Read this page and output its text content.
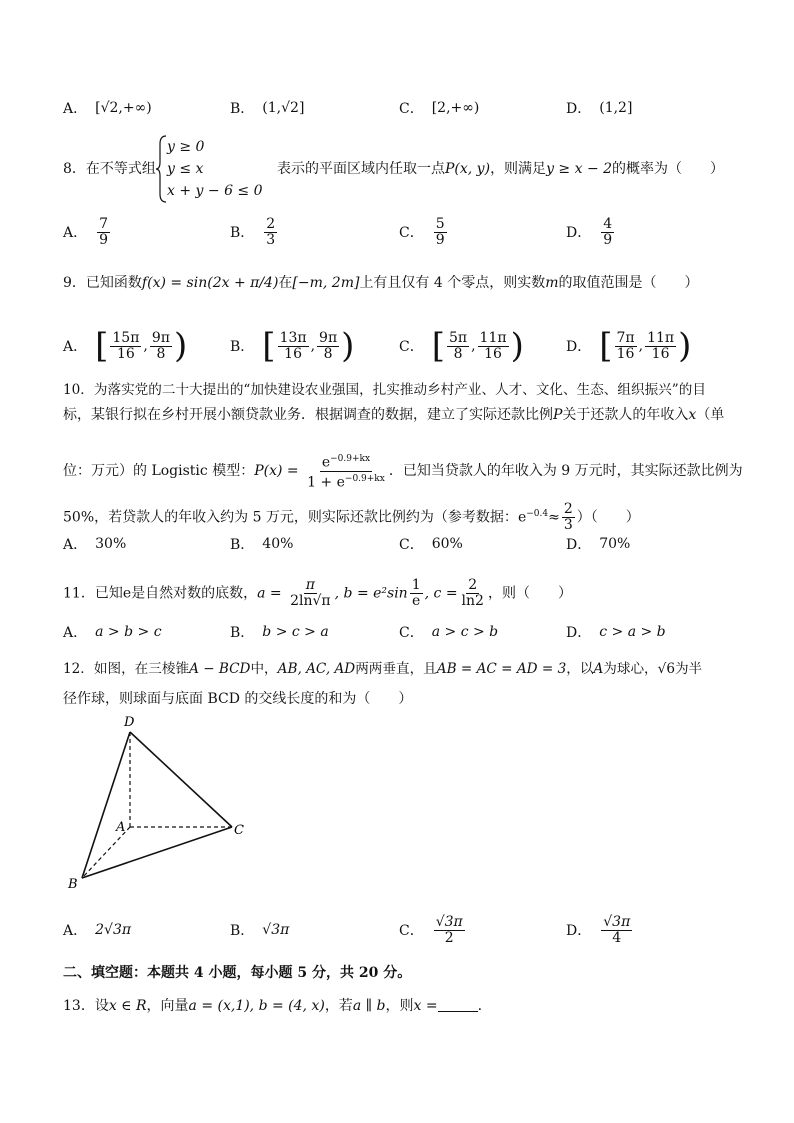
A． [√2,+∞)	B． (1,√2]	C． [2,+∞)	D． (1,2]
8．在不等式组
y ≥ 0
y ≤ x
x + y − 6 ≤ 0
表示的平面区域内任取一点P(x, y)，则满足y ≥ x − 2的概率为（　　）
A． $\frac{7}{9}$	B． $\frac{2}{3}$	C． $\frac{5}{9}$	D． $\frac{4}{9}$
9．已知函数f(x) = sin(2x + π/4)在[−m, 2m]上有且仅有 4 个零点，则实数m的取值范围是（　　）
A． [ $\frac{15\pi}{16}$ , $\frac{9\pi}{8}$ )	B． [ $\frac{13\pi}{16}$ , $\frac{9\pi}{8}$ )	C． [ $\frac{5\pi}{8}$ , $\frac{11\pi}{16}$ )	D． [ $\frac{7\pi}{16}$ , $\frac{11\pi}{16}$ )
10．为落实党的二十大提出的“加快建设农业强国，扎实推动乡村产业、人才、文化、生态、组织振兴”的目
标，某银行拟在乡村开展小额贷款业务．根据调查的数据，建立了实际还款比例P关于还款人的年收入x（单
位：万元）的 Logistic 模型：$P(x) = \frac{e^{-0.9+kx}}{1 + e^{-0.9+kx}}$ ．已知当贷款人的年收入为 9 万元时，其实际还款比例为
50%，若贷款人的年收入约为 5 万元，则实际还款比例约为（参考数据：$e^{-0.4}\approx \frac{2}{3}$ ）（　　）
A． 30%	B． 40%	C． 60%	D． 70%
11．已知e是自然对数的底数，$a = \frac{\pi}{2\ln√\pi}$ , $b = e^2\sin \frac{1}{e}$ , $c = \frac{2}{\ln 2}$ ，则（　　）
A． a > b > c	B． b > c > a	C． a > c > b	D． c > a > b
12．如图，在三棱锥A − BCD中，AB, AC, AD两两垂直，且AB = AC = AD = 3，以A为球心，√6为半
径作球，则球面与底面 BCD 的交线长度的和为（　　）
D
A	C
B
A． 2√3π	B． √3π	C． $\frac{√3\pi}{2}$	D． $\frac{√3\pi}{4}$
二、填空题：本题共 4 小题，每小题 5 分，共 20 分。
13．设x ∈ R，向量a = (x,1), b = (4, x)，若a ∥ b，则x =	.
